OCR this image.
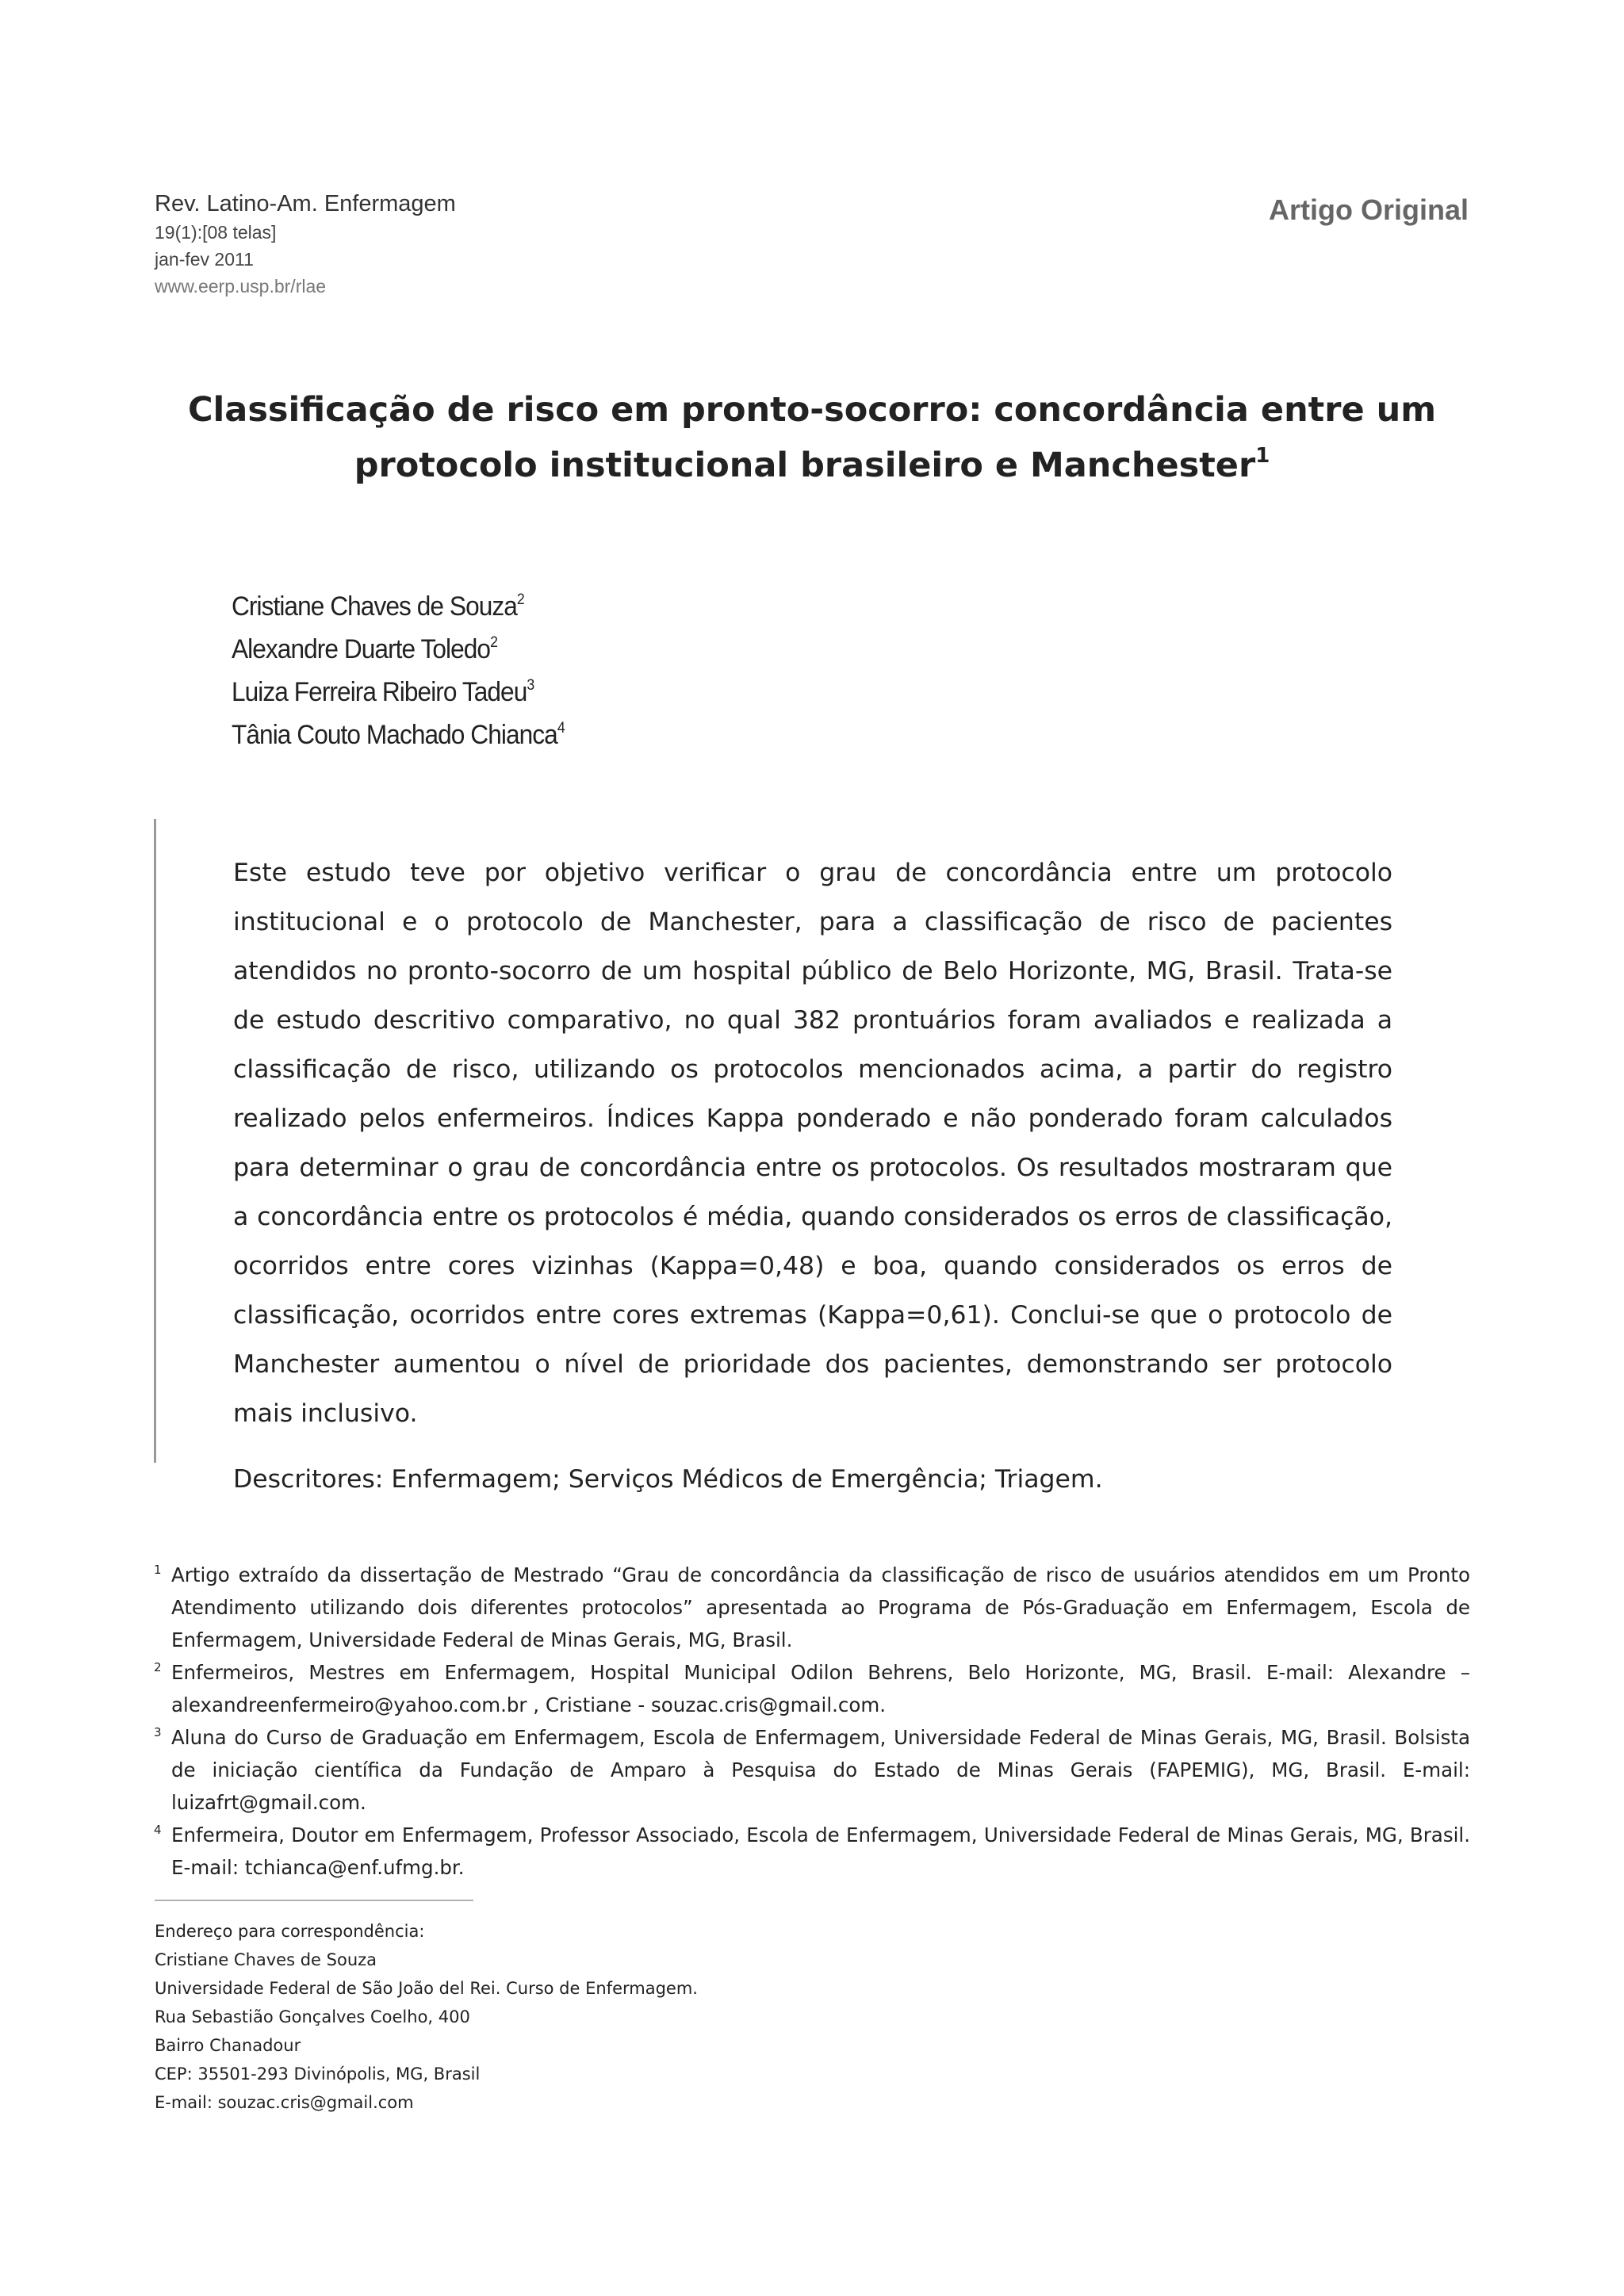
Rev. Latino-Am. Enfermagem
19(1):[08 telas]
jan-fev 2011
www.eerp.usp.br/rlae
Artigo Original
Classificação de risco em pronto-socorro: concordância entre um
protocolo institucional brasileiro e Manchester$^1$
Cristiane Chaves de Souza$^2$
Alexandre Duarte Toledo$^2$
Luiza Ferreira Ribeiro Tadeu$^3$
Tânia Couto Machado Chianca$^4$

Este estudo teve por objetivo verificar o grau de concordância entre um protocolo institucional e o protocolo de Manchester, para a classificação de risco de pacientes atendidos no pronto-socorro de um hospital público de Belo Horizonte, MG, Brasil. Trata-se de estudo descritivo comparativo, no qual 382 prontuários foram avaliados e realizada a classificação de risco, utilizando os protocolos mencionados acima, a partir do registro realizado pelos enfermeiros. Índices Kappa ponderado e não ponderado foram calculados para determinar o grau de concordância entre os protocolos. Os resultados mostraram que a concordância entre os protocolos é média, quando considerados os erros de classificação, ocorridos entre cores vizinhas (Kappa=0,48) e boa, quando considerados os erros de classificação, ocorridos entre cores extremas (Kappa=0,61). Conclui-se que o protocolo de Manchester aumentou o nível de prioridade dos pacientes, demonstrando ser protocolo mais inclusivo.

Descritores: Enfermagem; Serviços Médicos de Emergência; Triagem.

1 Artigo extraído da dissertação de Mestrado “Grau de concordância da classificação de risco de usuários atendidos em um Pronto Atendimento utilizando dois diferentes protocolos” apresentada ao Programa de Pós-Graduação em Enfermagem, Escola de Enfermagem, Universidade Federal de Minas Gerais, MG, Brasil.

2 Enfermeiros, Mestres em Enfermagem, Hospital Municipal Odilon Behrens, Belo Horizonte, MG, Brasil. E-mail: Alexandre – alexandreenfermeiro@yahoo.com.br , Cristiane - souzac.cris@gmail.com.

3 Aluna do Curso de Graduação em Enfermagem, Escola de Enfermagem, Universidade Federal de Minas Gerais, MG, Brasil. Bolsista de iniciação científica da Fundação de Amparo à Pesquisa do Estado de Minas Gerais (FAPEMIG), MG, Brasil. E-mail: luizafrt@gmail.com.

4 Enfermeira, Doutor em Enfermagem, Professor Associado, Escola de Enfermagem, Universidade Federal de Minas Gerais, MG, Brasil. E-mail: tchianca@enf.ufmg.br.

Endereço para correspondência:
Cristiane Chaves de Souza
Universidade Federal de São João del Rei. Curso de Enfermagem.
Rua Sebastião Gonçalves Coelho, 400
Bairro Chanadour
CEP: 35501-293 Divinópolis, MG, Brasil
E-mail: souzac.cris@gmail.com
